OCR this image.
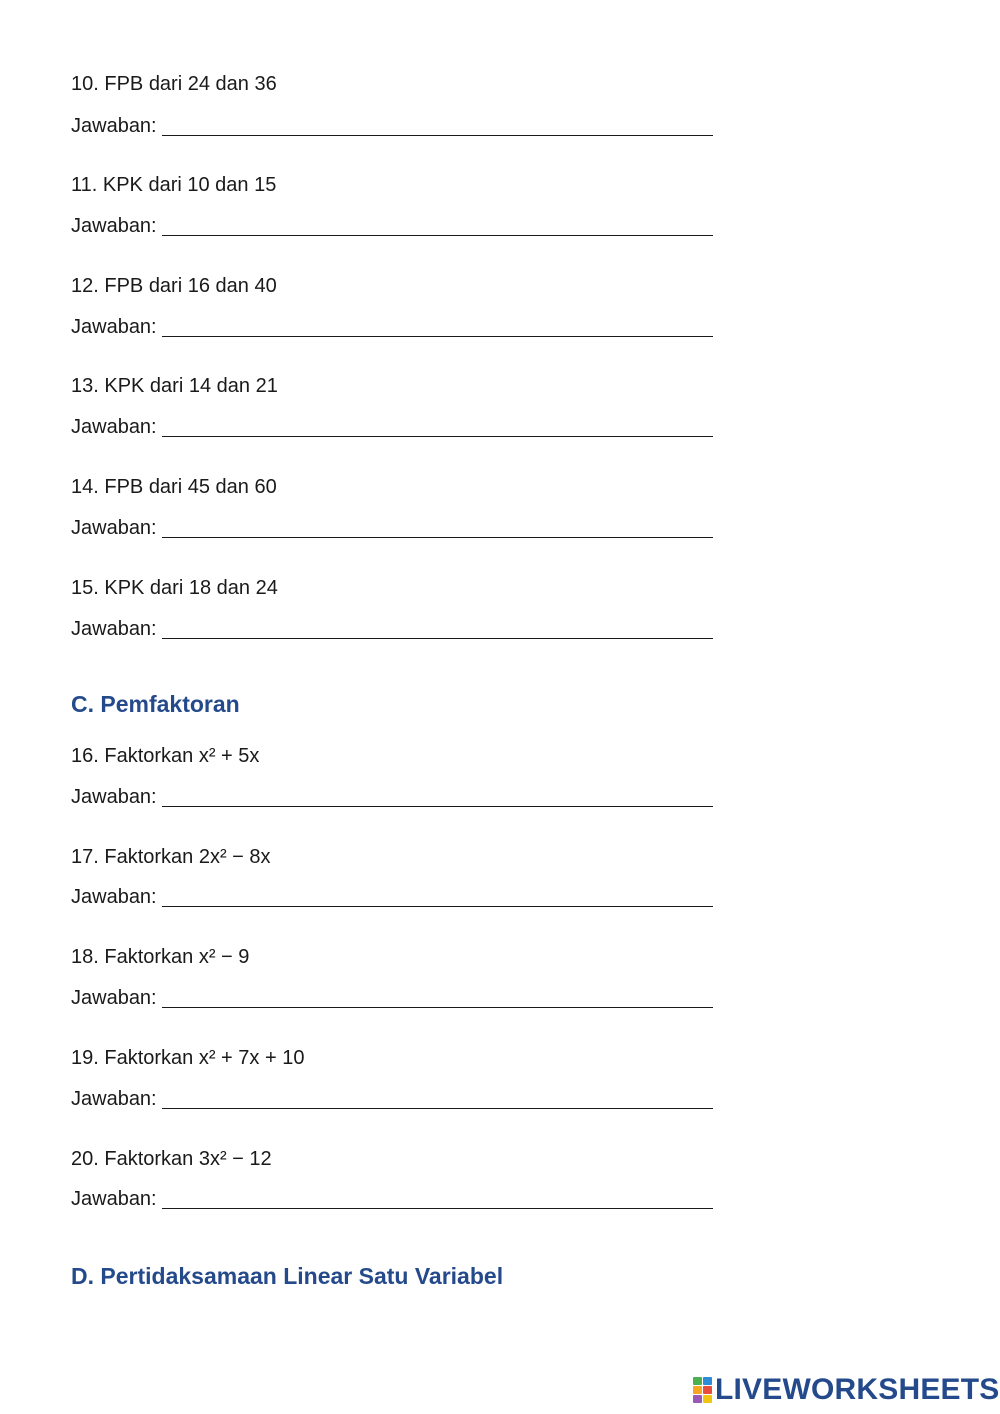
10. FPB dari 24 dan 36
Jawaban:
11. KPK dari 10 dan 15
Jawaban:
12. FPB dari 16 dan 40
Jawaban:
13. KPK dari 14 dan 21
Jawaban:
14. FPB dari 45 dan 60
Jawaban:
15. KPK dari 18 dan 24
Jawaban:
C. Pemfaktoran
16. Faktorkan x² + 5x
Jawaban:
17. Faktorkan 2x² − 8x
Jawaban:
18. Faktorkan x² − 9
Jawaban:
19. Faktorkan x² + 7x + 10
Jawaban:
20. Faktorkan 3x² − 12
Jawaban:
D. Pertidaksamaan Linear Satu Variabel
LIVEWORKSHEETS
